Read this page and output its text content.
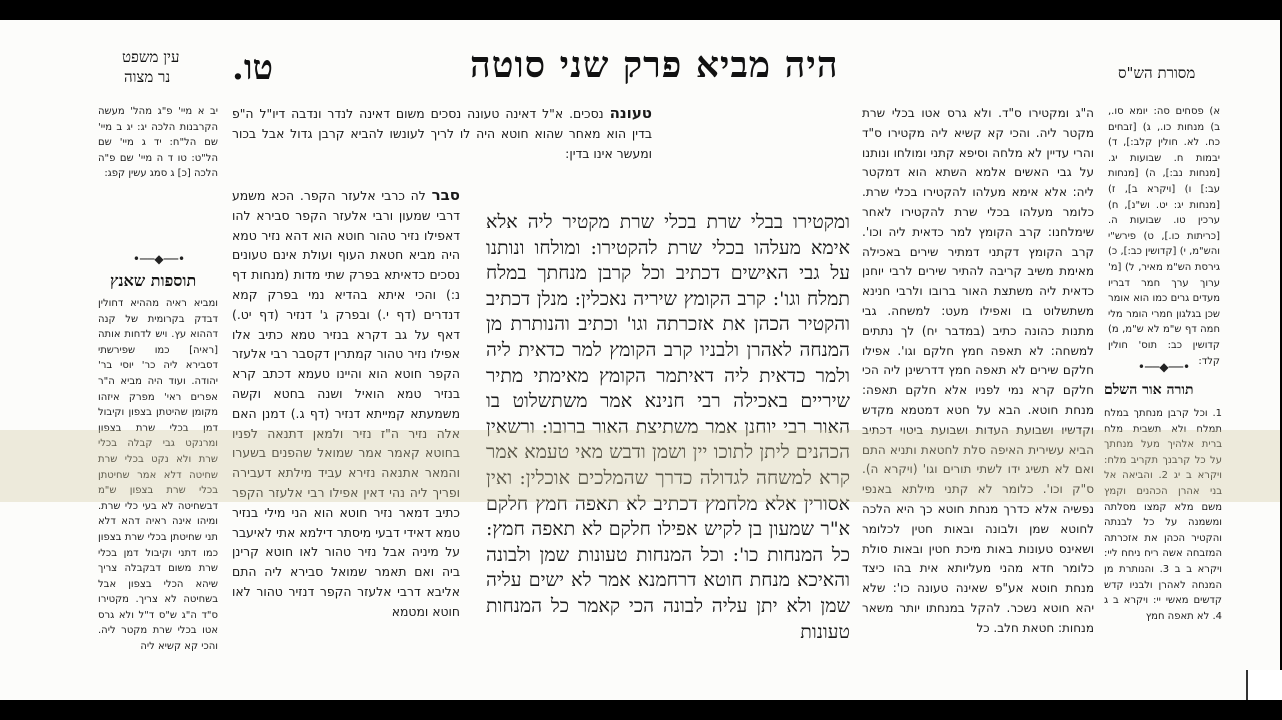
היה מביא פרק שני סוטה
טו.
עין משפט
נר מצוה	מסורת הש"ס

יב א מיי' פ"ג מהל' מעשה הקרבנות הלכה יג: יג ב מיי' שם הל"ח: יד ג מיי' שם הל"ט: טו ד ה מיי' שם פ"ה הלכה [כ] ג סמג עשין קפג:

•──◆──•
תוספות שאנץ

ומביא ראיה מההיא דחולין דבדק בקרומית של קנה דההוא עץ. ויש לדחות אותה [ראיה] כמו שפירשתי דסבירא ליה כר' יוסי בר' יהודה. ועוד היה מביא ה"ר אפרים ראי' מפרק איזהו מקומן שהיטתן בצפון וקיבול דמן בכלי שרת בצפון ומרנקט גבי קבלה בכלי שרת ולא נקט בכלי שרת שחיטה דלא אמר שחיטתן בכלי שרת בצפון ש"מ דבשחיטה לא בעי כלי שרת. ומיהו אינה ראיה דהא דלא תני שחיטתן בכלי שרת בצפון כמו דתני וקיבול דמן בכלי שרת משום דבקבלה צריך שיהא הכלי בצפון אבל בשחיטה לא צריך. מקטירו ס"ד ה"ג ש"ס ד"ל ולא גרס אטו בכלי שרת מקטר ליה. והכי קא קשיא ליה

טעונה נסכים. א"ל דאינה טעונה נסכים משום דאינה לנדר ונדבה דיו"ל ה"פ בדין הוא מאחר שהוא חוטא היה לו לריך לעונשו להביא קרבן גדול אבל בכור ומעשר אינו בדין:

סבר לה כרבי אלעזר הקפר. הכא משמע דרבי שמעון ורבי אלעזר הקפר סבירא להו דאפילו נזיר טהור חוטא הוא דהא נזיר טמא היה מביא חטאת העוף ועולת אינם טעונים נסכים כדאיתא בפרק שתי מדות (מנחות דף נ:) והכי איתא בהדיא נמי בפרק קמא דנדרים (דף י.) ובפרק ג' דנזיר (דף יט.) דאף על גב דקרא בנזיר טמא כתיב אלו אפילו נזיר טהור קמתרין דקסבר רבי אלעזר הקפר חוטא הוא והיינו טעמא דכתב קרא בנזיר טמא הואיל ושנה בחטא וקשה משמעתא קמייתא דנזיר (דף ג.) דמנן האם אלה נזיר ה"ז נזיר ולמאן דתנאה לפניו בחוטא קאמר אמר שמואל שהפנים בשערו והמאר אתנאה נזירא עביד מילתא דעבירה ופריך ליה נהי דאין אפילו רבי אלעזר הקפר כתיב דמאר נזיר חוטא הוא הני מילי בנזיר טמא דאידי דבעי מיסתר דילמא אתי לאיעבר על מיניה אבל נזיר טהור לאו חוטא קרינן ביה ואם תאמר שמואל סבירא ליה התם אליבא דרבי אלעזר הקפר דנזיר טהור לאו חוטא ומטמא

ומקטירו בבלי שרת בכלי שרת מקטיר ליה אלא אימא מעלהו בכלי שרת להקטירו: ומולחו ונותנו על גבי האישים דכתיב וכל קרבן מנחתך במלח תמלח וגו': קרב הקומץ שיריה נאכלין: מנלן דכתיב והקטיר הכהן את אזכרתה וגו' וכתיב והנותרת מן המנחה לאהרן ולבניו קרב הקומץ למר כדאית ליה ולמר כדאית ליה דאיתמר הקומץ מאימתי מתיר שיריים באכילה רבי חנינא אמר משתשלוט בו האור רבי יוחנן אמר משתיצת האור ברובו: ורשאין הכהנים ליתן לתוכו יין ושמן ודבש מאי טעמא אמר קרא למשחה לגדולה כדרך שהמלכים אוכלין: ואין אסורין אלא מלחמץ דכתיב לא תאפה חמץ חלקם א"ר שמעון בן לקיש אפילו חלקם לא תאפה חמץ: כל המנחות כו': וכל המנחות טעונות שמן ולבונה והאיכא מנחת חוטא דרחמנא אמר לא ישים עליה שמן ולא יתן עליה לבונה הכי קאמר כל המנחות טעונות

ה"ג ומקטירו ס"ד. ולא גרס אטו בכלי שרת מקטר ליה. והכי קא קשיא ליה מקטירו ס"ד והרי עדיין לא מלחה וסיפא קתני ומולחו ונותנו על גבי האשים אלמא השתא הוא דמקטר ליה: אלא אימא מעלהו להקטירו בכלי שרת. כלומר מעלהו בכלי שרת להקטירו לאחר שימלחנו: קרב הקומץ למר כדאית ליה וכו'. קרב הקומץ דקתני דמתיר שירים באכילה מאימת משיב קריבה להתיר שירים לרבי יוחנן כדאית ליה משתצת האור ברובו ולרבי חנינא משתשלוט בו ואפילו מעט: למשחה. גבי מתנות כהונה כתיב (במדבר יח) לך נתתים למשחה: לא תאפה חמץ חלקם וגו'. אפילו חלקם שירים לא תאפה חמץ דדרשינן ליה הכי חלקם קרא נמי לפניו אלא חלקם תאפה: מנחת חוטא. הבא על חטא דמטמא מקדש וקדשיו ושבועת העדות ושבועת ביטוי דכתיב הביא עשירית האיפה סלת לחטאת ותניא התם ואם לא תשיג ידו לשתי תורים וגו' (ויקרא ה). ס"ק וכו'. כלומר לא קתני מילתא באנפי נפשיה אלא כדרך מנחת חוטא כך היא הלכה לחוטא שמן ולבונה ובאות חטין לכלומר ושאינס טעונות באות מיכת חטין ובאות סולת כלומר חדא מהני מעליותא אית בהו כיצד מנחת חוטא אע"פ שאינה טעונה כו': שלא יהא חוטא נשכר. להקל במנחתו יותר משאר מנחות: חטאת חלב. כל

א) פסחים סה: יומא סו., ב) מנחות כו., ג) [זבחים כח. לא. חולין קלב:], ד) יבמות ח. שבועות יג. [מנחות נב:], ה) [מנחות עב:] ו) [ויקרא ב], ז) [מנחות יג: יט. וש"נ], ח) ערכין טו. שבועות ה. [כריתות כו.], ט) פירש"י והש"מ, י) [קדושין כב:], כ) גירסת הש"מ מאיר, ל) [מ' ערוך ערך חמר דבריו מעדים גרים כמו הוא אומר שכן בגלגון חמרי הומר מלי חמה דף ש"מ לא ש"מ, מ) קדושין כב: תוס' חולין קלד:

•──◆──•
תורה אור השלם

1. וכל קרבן מנחתך במלח תמלח ולא תשבית מלח ברית אלהיך מעל מנחתך על כל קרבנך תקריב מלח: ויקרא ב יג 2. והביאה אל בני אהרן הכהנים וקמץ משם מלא קמצו מסלתה ומשמנה על כל לבנתה והקטיר הכהן את אזכרתה המזבחה אשה ריח ניחח ליי: ויקרא ב ב 3. והנותרת מן המנחה לאהרן ולבניו קדש קדשים מאשי יי: ויקרא ב ג 4. לא תאפה חמץ
